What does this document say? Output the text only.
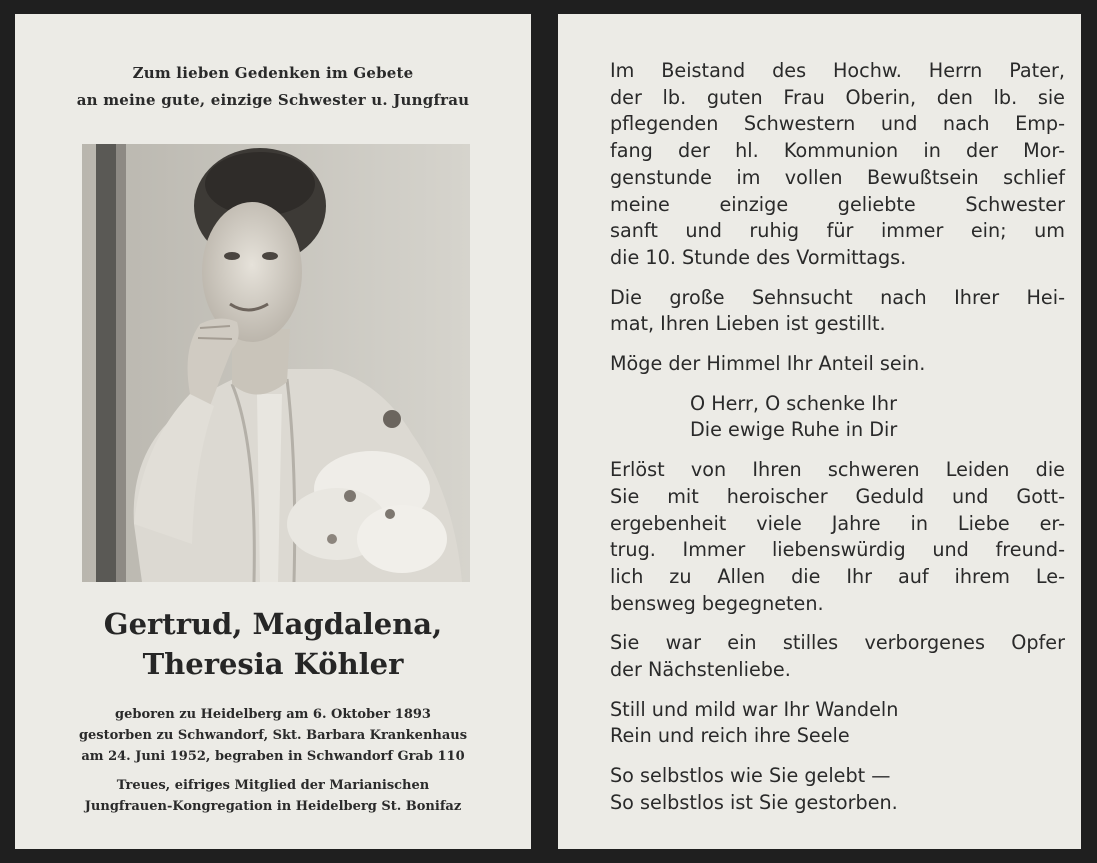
Zum lieben Gedenken im Gebete
an meine gute, einzige Schwester u. Jungfrau
Gertrud, Magdalena,
Theresia Köhler
geboren zu Heidelberg am 6. Oktober 1893
gestorben zu Schwandorf, Skt. Barbara Krankenhaus
am 24. Juni 1952, begraben in Schwandorf Grab 110
Treues, eifriges Mitglied der Marianischen
Jungfrauen-Kongregation in Heidelberg St. Bonifaz
Im Beistand des Hochw. Herrn Pater,
der lb. guten Frau Oberin, den lb. sie
pflegenden Schwestern und nach Emp-
fang der hl. Kommunion in der Mor-
genstunde im vollen Bewußtsein schlief
meine einzige geliebte Schwester
sanft und ruhig für immer ein; um
die 10. Stunde des Vormittags.
Die große Sehnsucht nach Ihrer Hei-
mat, Ihren Lieben ist gestillt.
Möge der Himmel Ihr Anteil sein.
O Herr, O schenke Ihr
Die ewige Ruhe in Dir
Erlöst von Ihren schweren Leiden die
Sie mit heroischer Geduld und Gott-
ergebenheit viele Jahre in Liebe er-
trug. Immer liebenswürdig und freund-
lich zu Allen die Ihr auf ihrem Le-
bensweg begegneten.
Sie war ein stilles verborgenes Opfer
der Nächstenliebe.
Still und mild war Ihr Wandeln
Rein und reich ihre Seele
So selbstlos wie Sie gelebt —
So selbstlos ist Sie gestorben.
